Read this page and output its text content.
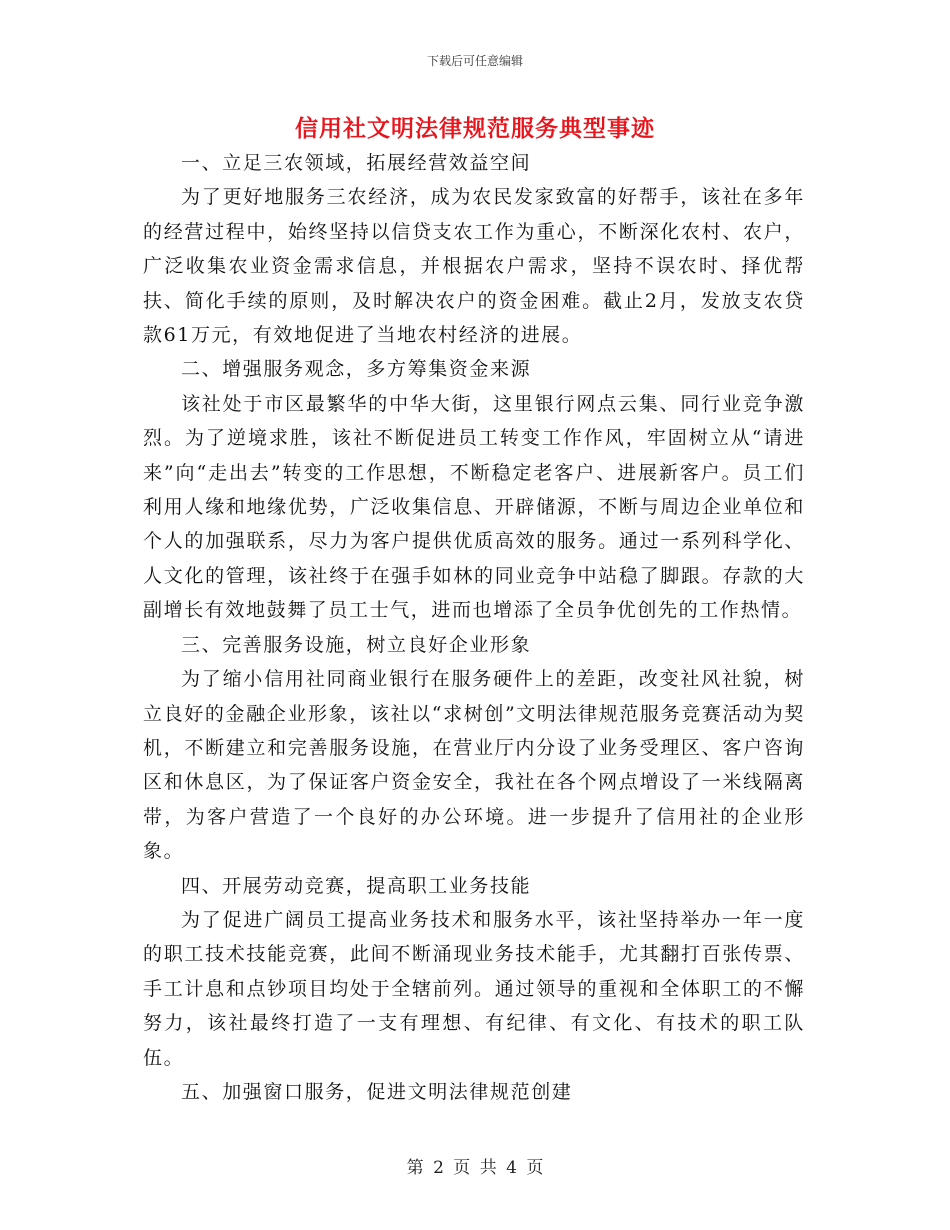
下载后可任意编辑
信用社文明法律规范服务典型事迹

一、立足三农领域，拓展经营效益空间

为了更好地服务三农经济，成为农民发家致富的好帮手，该社在多年的经营过程中，始终坚持以信贷支农工作为重心，不断深化农村、农户，广泛收集农业资金需求信息，并根据农户需求，坚持不误农时、择优帮扶、简化手续的原则，及时解决农户的资金困难。截止2月，发放支农贷款61万元，有效地促进了当地农村经济的进展。

二、增强服务观念，多方筹集资金来源

该社处于市区最繁华的中华大街，这里银行网点云集、同行业竞争激烈。为了逆境求胜，该社不断促进员工转变工作作风，牢固树立从“请进来”向“走出去”转变的工作思想，不断稳定老客户、进展新客户。员工们利用人缘和地缘优势，广泛收集信息、开辟储源，不断与周边企业单位和个人的加强联系，尽力为客户提供优质高效的服务。通过一系列科学化、人文化的管理，该社终于在强手如林的同业竞争中站稳了脚跟。存款的大副增长有效地鼓舞了员工士气，进而也增添了全员争优创先的工作热情。

三、完善服务设施，树立良好企业形象

为了缩小信用社同商业银行在服务硬件上的差距，改变社风社貌，树立良好的金融企业形象，该社以“求树创”文明法律规范服务竞赛活动为契机，不断建立和完善服务设施，在营业厅内分设了业务受理区、客户咨询区和休息区，为了保证客户资金安全，我社在各个网点增设了一米线隔离带，为客户营造了一个良好的办公环境。进一步提升了信用社的企业形象。

四、开展劳动竞赛，提高职工业务技能

为了促进广阔员工提高业务技术和服务水平，该社坚持举办一年一度的职工技术技能竞赛，此间不断涌现业务技术能手，尤其翻打百张传票、手工计息和点钞项目均处于全辖前列。通过领导的重视和全体职工的不懈努力，该社最终打造了一支有理想、有纪律、有文化、有技术的职工队伍。

五、加强窗口服务，促进文明法律规范创建

第 2 页 共 4 页
